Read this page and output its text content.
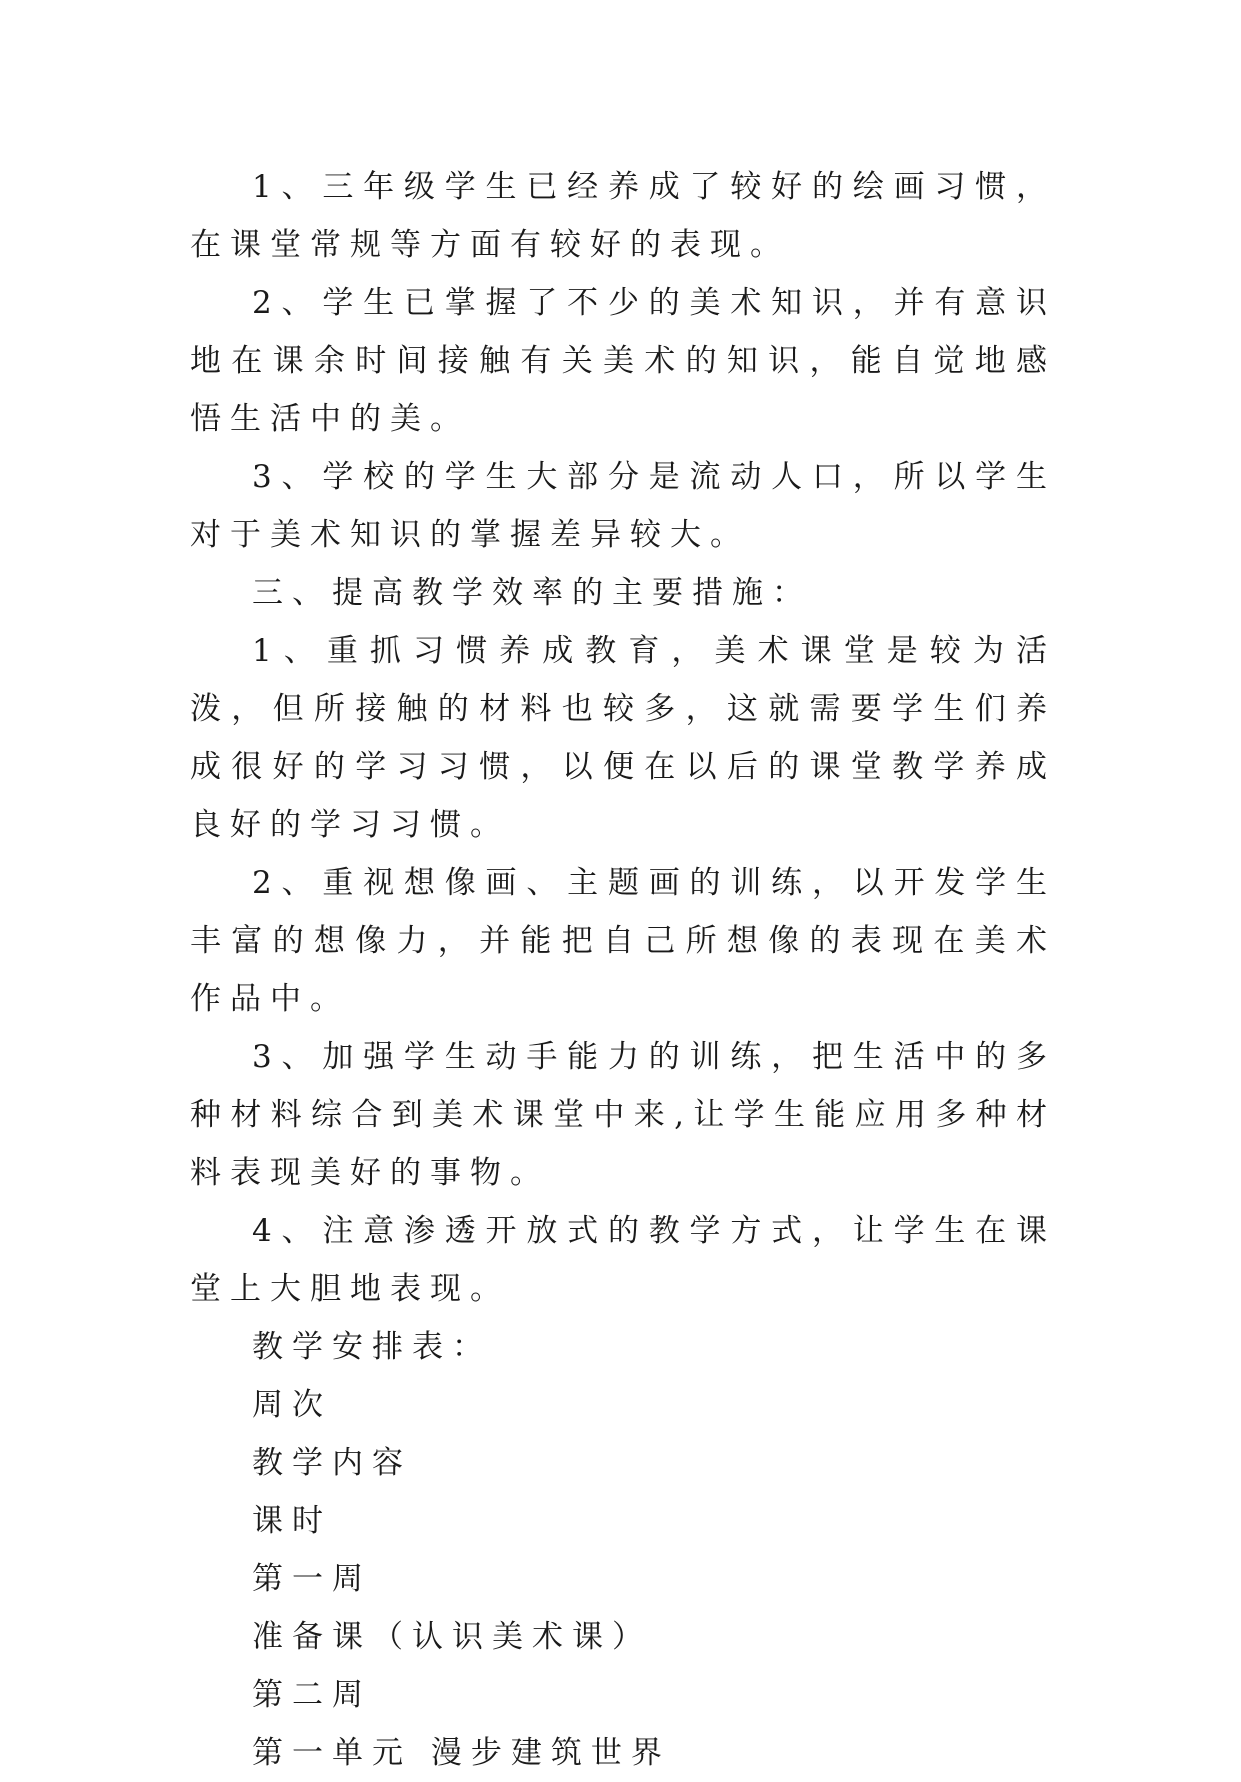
1、三年级学生已经养成了较好的绘画习惯，在课堂常规等方面有较好的表现。

2、学生已掌握了不少的美术知识，并有意识地在课余时间接触有关美术的知识，能自觉地感悟生活中的美。

3、学校的学生大部分是流动人口，所以学生对于美术知识的掌握差异较大。

三、提高教学效率的主要措施：

1、重抓习惯养成教育，美术课堂是较为活泼，但所接触的材料也较多，这就需要学生们养成很好的学习习惯，以便在以后的课堂教学养成良好的学习习惯。

2、重视想像画、主题画的训练，以开发学生丰富的想像力，并能把自己所想像的表现在美术作品中。

3、加强学生动手能力的训练，把生活中的多种材料综合到美术课堂中来,让学生能应用多种材料表现美好的事物。

4、注意渗透开放式的教学方式，让学生在课堂上大胆地表现。

教学安排表：

周次

教学内容

课时

第一周

准备课（认识美术课）

第二周

第一单元 漫步建筑世界
